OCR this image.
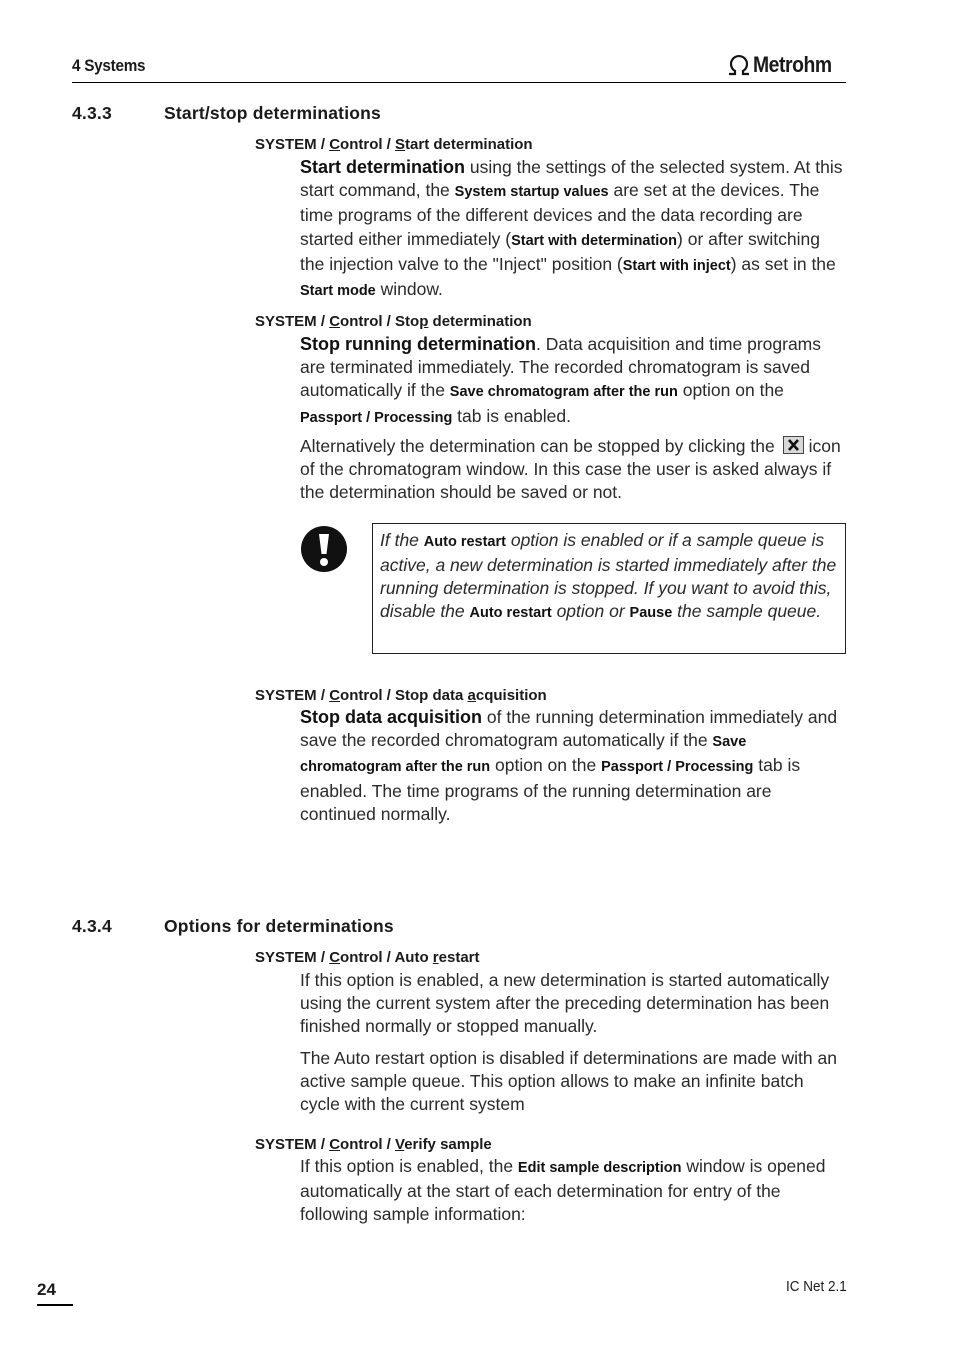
4 Systems	Metrohm
4.3.3	Start/stop determinations
SYSTEM / Control / Start determination
Start determination using the settings of the selected system. At this start command, the System startup values are set at the devices. The time programs of the different devices and the data recording are started either immediately (Start with determination) or after switching the injection valve to the "Inject" position (Start with inject) as set in the Start mode window.
SYSTEM / Control / Stop determination
Stop running determination. Data acquisition and time programs are terminated immediately. The recorded chromatogram is saved automatically if the Save chromatogram after the run option on the Passport / Processing tab is enabled.
Alternatively the determination can be stopped by clicking the icon of the chromatogram window. In this case the user is asked always if the determination should be saved or not.
If the Auto restart option is enabled or if a sample queue is active, a new determination is started immediately after the running determination is stopped. If you want to avoid this, disable the Auto restart option or Pause the sample queue.
SYSTEM / Control / Stop data acquisition
Stop data acquisition of the running determination immediately and save the recorded chromatogram automatically if the Save chromatogram after the run option on the Passport / Processing tab is enabled. The time programs of the running determination are continued normally.
4.3.4	Options for determinations
SYSTEM / Control / Auto restart
If this option is enabled, a new determination is started automatically using the current system after the preceding determination has been finished normally or stopped manually.
The Auto restart option is disabled if determinations are made with an active sample queue. This option allows to make an infinite batch cycle with the current system
SYSTEM / Control / Verify sample
If this option is enabled, the Edit sample description window is opened automatically at the start of each determination for entry of the following sample information:
24	IC Net 2.1
